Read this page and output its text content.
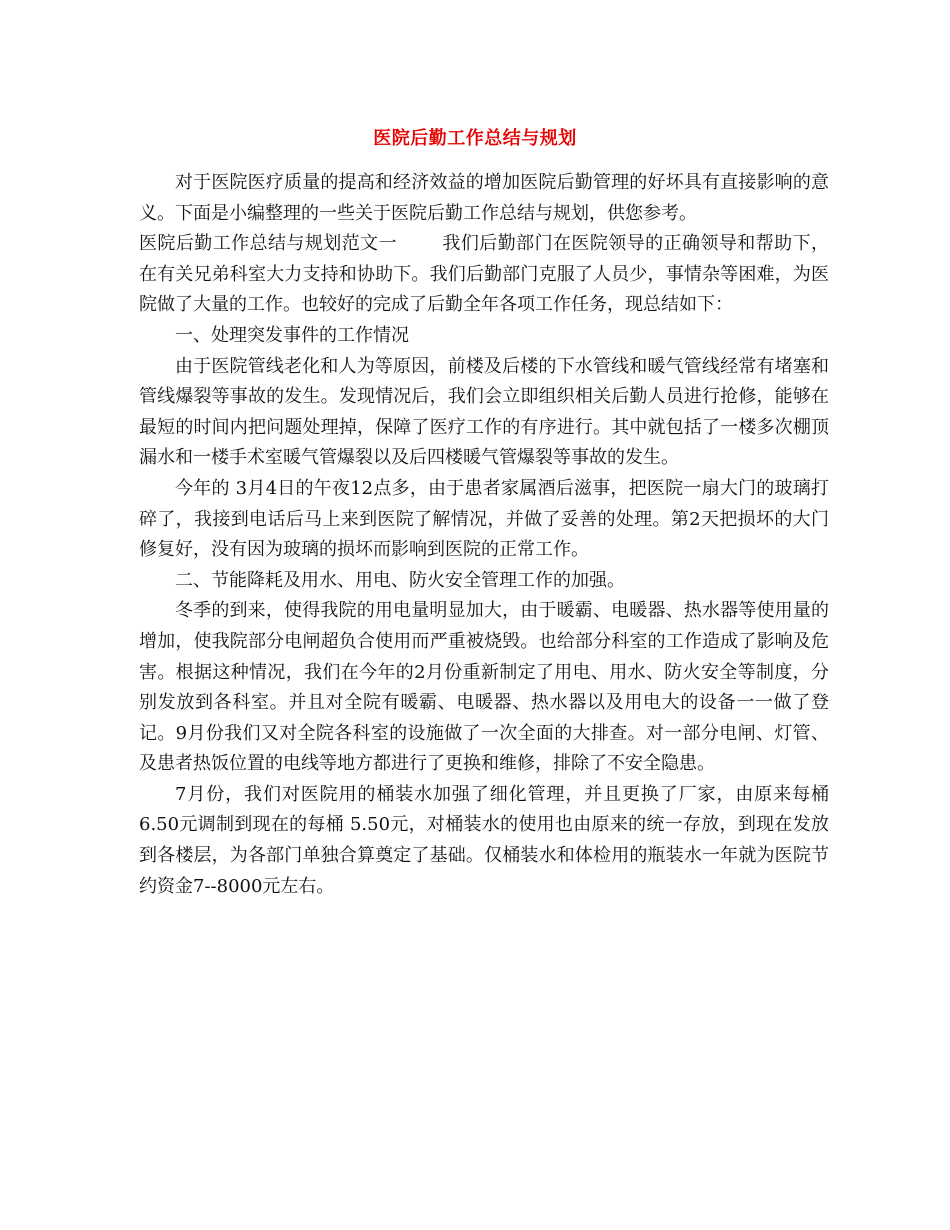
医院后勤工作总结与规划

对于医院医疗质量的提高和经济效益的增加医院后勤管理的好坏具有直接影响的意义。下面是小编整理的一些关于医院后勤工作总结与规划，供您参考。

医院后勤工作总结与规划范文一	我们后勤部门在医院领导的正确领导和帮助下，在有关兄弟科室大力支持和协助下。我们后勤部门克服了人员少，事情杂等困难，为医院做了大量的工作。也较好的完成了后勤全年各项工作任务，现总结如下：

一、处理突发事件的工作情况

由于医院管线老化和人为等原因，前楼及后楼的下水管线和暖气管线经常有堵塞和管线爆裂等事故的发生。发现情况后，我们会立即组织相关后勤人员进行抢修，能够在最短的时间内把问题处理掉，保障了医疗工作的有序进行。其中就包括了一楼多次棚顶漏水和一楼手术室暖气管爆裂以及后四楼暖气管爆裂等事故的发生。

今年的 3月4日的午夜12点多，由于患者家属酒后滋事，把医院一扇大门的玻璃打碎了，我接到电话后马上来到医院了解情况，并做了妥善的处理。第2天把损坏的大门修复好，没有因为玻璃的损坏而影响到医院的正常工作。

二、节能降耗及用水、用电、防火安全管理工作的加强。

冬季的到来，使得我院的用电量明显加大，由于暖霸、电暖器、热水器等使用量的增加，使我院部分电闸超负合使用而严重被烧毁。也给部分科室的工作造成了影响及危害。根据这种情况，我们在今年的2月份重新制定了用电、用水、防火安全等制度，分别发放到各科室。并且对全院有暖霸、电暖器、热水器以及用电大的设备一一做了登记。9月份我们又对全院各科室的设施做了一次全面的大排查。对一部分电闸、灯管、及患者热饭位置的电线等地方都进行了更换和维修，排除了不安全隐患。

7月份，我们对医院用的桶装水加强了细化管理，并且更换了厂家，由原来每桶 6.50元调制到现在的每桶 5.50元，对桶装水的使用也由原来的统一存放，到现在发放到各楼层，为各部门单独合算奠定了基础。仅桶装水和体检用的瓶装水一年就为医院节约资金7--8000元左右。
